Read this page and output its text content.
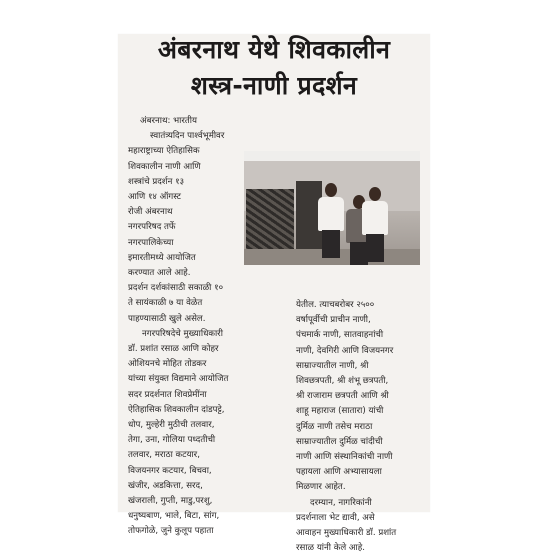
अंबरनाथ येथे शिवकालीन
शस्त्र-नाणी प्रदर्शन
अंबरनाथ: भारतीय
स्वातंत्र्यदिन पार्श्वभूमीवर
महाराष्ट्राच्या ऐतिहासिक
शिवकालीन नाणी आणि
शस्त्रांचे प्रदर्शन १३
आणि १४ ऑगस्ट
रोजी अंबरनाथ
नगरपरिषद तर्फे
नगरपालिकेच्या
इमारतीमध्ये आयोजित
करण्यात आले आहे.
प्रदर्शन दर्शकांसाठी सकाळी १०
ते सायंकाळी ७ या वेळेत
पाहण्यासाठी खुले असेल.
नगरपरिषदेचे मुख्याधिकारी
डॉ. प्रशांत रसाळ आणि कोहर
ओशियनचे मोहित तोडकर
यांच्या संयुक्त विद्यमाने आयोजित
सदर प्रदर्शनात शिवप्रेमींना
ऐतिहासिक शिवकालीन दांडपट्टे,
धोप, मुल्हेरी मुठीची तलवार,
तेगा, उना, गोलिया पध्दतीची
तलवार, मराठा कटयार,
विजयनगर कटयार, बिचवा,
खंजीर, अडकित्ता, सरद,
खंजराली, गुप्ती, माडु,परशु,
धनुष्यबाण, भाले, बिटा, सांग,
तोफगोळे, जुने कुलूप पहाता
येतील. त्याचबरोबर २५००
वर्षापूर्वीची प्राचीन नाणी,
पंचमार्क नाणी, सातवाहनांची
नाणी, देवगिरी आणि विजयनगर
साम्राज्यातील नाणी, श्री
शिवछत्रपती, श्री शंभू छत्रपती,
श्री राजाराम छत्रपती आणि श्री
शाहू महाराज (सातारा) यांची
दुर्मिळ नाणी तसेच मराठा
साम्राज्यातील दुर्मिळ चांदीची
नाणी आणि संस्थानिकांची नाणी
पहायला आणि अभ्यासायला
मिळणार आहेत.
दरम्यान, नागरिकांनी
प्रदर्शनाला भेट द्यावी, असे
आवाहन मुख्याधिकारी डॉ. प्रशांत
रसाळ यांनी केले आहे.
